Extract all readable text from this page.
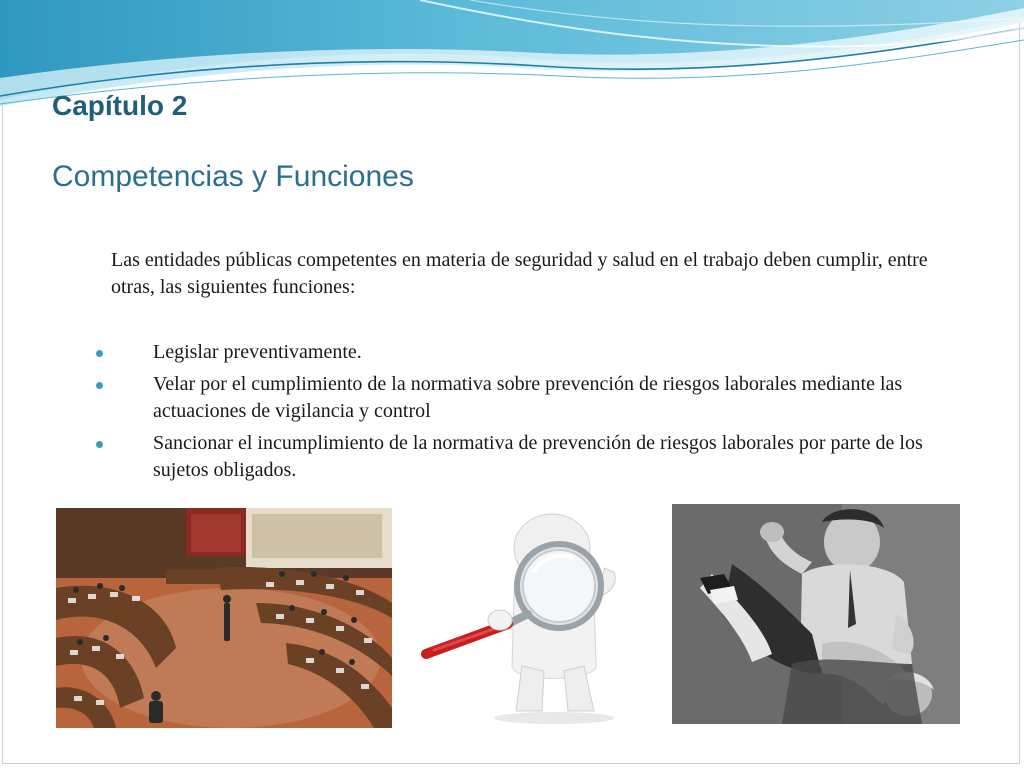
Capítulo 2
Competencias y Funciones

Las entidades públicas competentes en materia de seguridad y salud en el trabajo deben cumplir, entre otras, las siguientes funciones:

Legislar preventivamente.
Velar por el cumplimiento de la normativa sobre prevención de riesgos laborales mediante las actuaciones de vigilancia y control
Sancionar el incumplimiento de la normativa de prevención de riesgos laborales por parte de los sujetos obligados.
